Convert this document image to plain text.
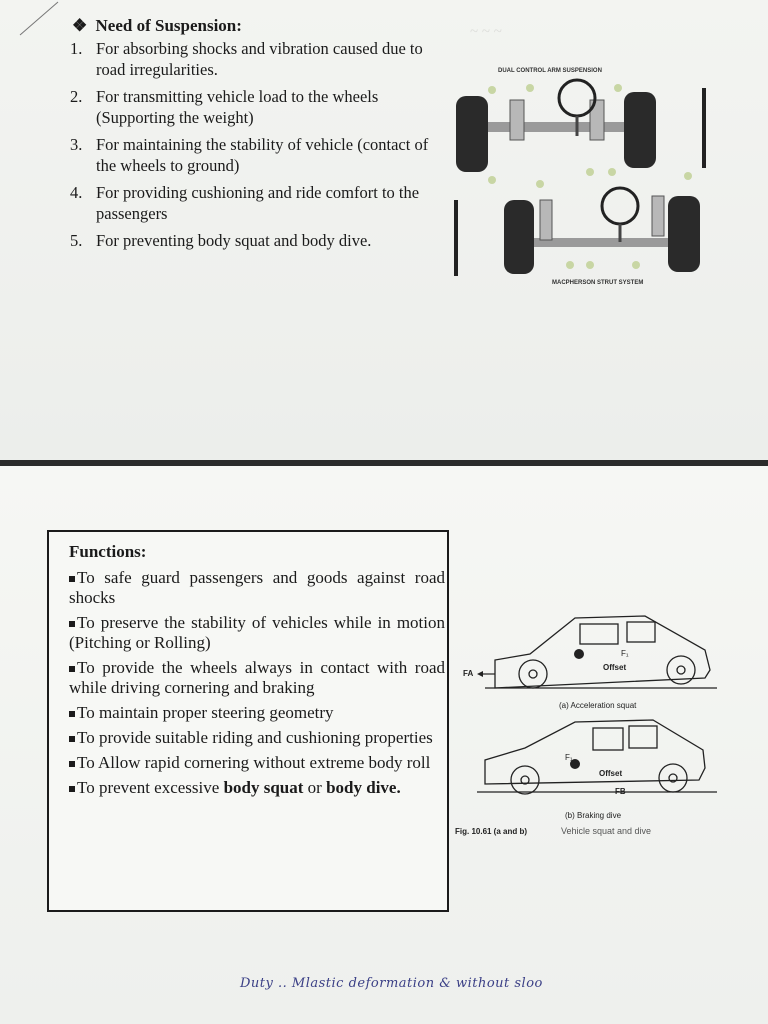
❖ Need of Suspension:
1. For absorbing shocks and vibration caused due to road irregularities.
2. For transmitting vehicle load to the wheels (Supporting the weight)
3. For maintaining the stability of vehicle (contact of the wheels to ground)
4. For providing cushioning and ride comfort to the passengers
5. For preventing body squat and body dive.
DUAL CONTROL ARM SUSPENSION
MACPHERSON STRUT SYSTEM
~ ~ ~
Functions:
To safe guard passengers and goods against road shocks
To preserve the stability of vehicles while in motion (Pitching or Rolling)
To provide the wheels always in contact with road while driving cornering and braking
To maintain proper steering geometry
To provide suitable riding and cushioning properties
To Allow rapid cornering without extreme body roll
To prevent excessive body squat or body dive.
FA
F₁
Offset
(a) Acceleration squat
F₁
Offset
FB
(b) Braking dive
Fig. 10.61 (a and b)	Vehicle squat and dive
Duty .. Mlastic deformation & without sloo
